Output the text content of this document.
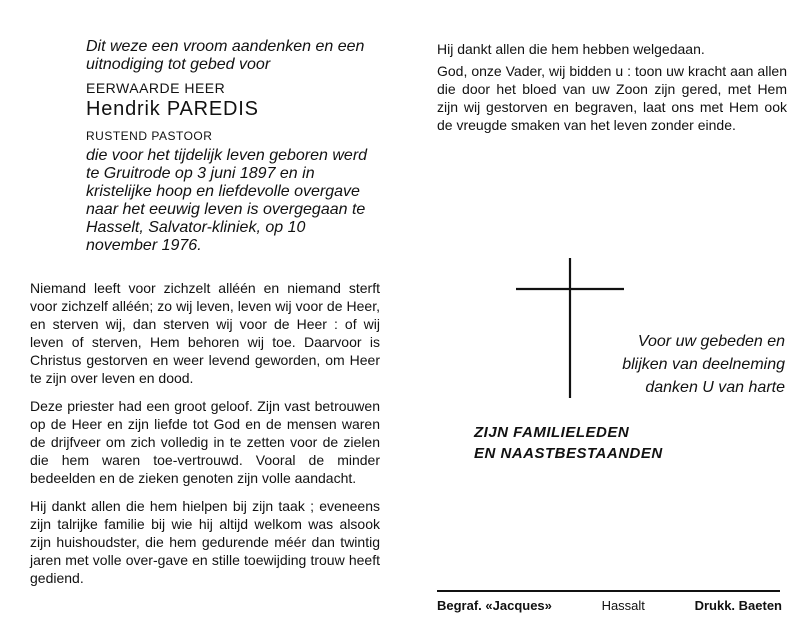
Dit weze een vroom aandenken en een uitnodiging tot gebed voor
EERWAARDE HEER
Hendrik PAREDIS
RUSTEND PASTOOR
die voor het tijdelijk leven geboren werd te Gruitrode op 3 juni 1897 en in kristelijke hoop en liefdevolle overgave naar het eeuwig leven is overgegaan te Hasselt, Salvator-kliniek, op 10 november 1976.
Niemand leeft voor zichzelt alléén en niemand sterft voor zichzelf alléén; zo wij leven, leven wij voor de Heer, en sterven wij, dan sterven wij voor de Heer : of wij leven of sterven, Hem behoren wij toe. Daarvoor is Christus gestorven en weer levend geworden, om Heer te zijn over leven en dood.
Deze priester had een groot geloof. Zijn vast betrouwen op de Heer en zijn liefde tot God en de mensen waren de drijfveer om zich volledig in te zetten voor de zielen die hem waren toe-vertrouwd. Vooral de minder bedeelden en de zieken genoten zijn volle aandacht.
Hij dankt allen die hem hielpen bij zijn taak ; eveneens zijn talrijke familie bij wie hij altijd welkom was alsook zijn huishoudster, die hem gedurende méér dan twintig jaren met volle over-gave en stille toewijding trouw heeft gediend.
Hij dankt allen die hem hebben welgedaan.
God, onze Vader, wij bidden u : toon uw kracht aan allen die door het bloed van uw Zoon zijn gered, met Hem zijn wij gestorven en begraven, laat ons met Hem ook de vreugde smaken van het leven zonder einde.
Voor uw gebeden en
blijken van deelneming
danken U van harte
ZIJN FAMILIELEDEN
EN NAASTBESTAANDEN
Begraf. «Jacques»	Hassalt	Drukk. Baeten
